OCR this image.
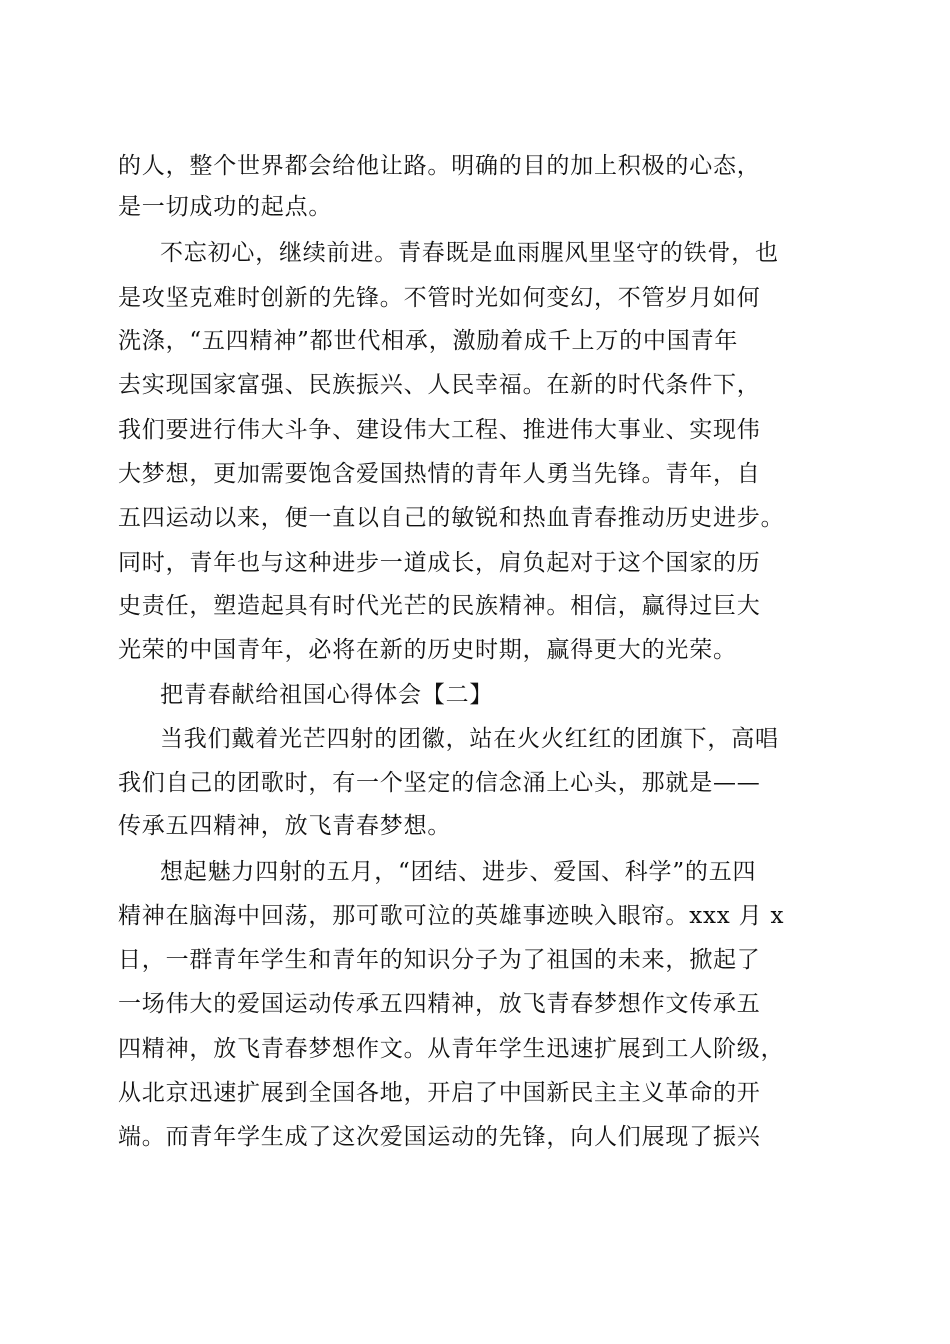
的人，整个世界都会给他让路。明确的目的加上积极的心态，
是一切成功的起点。
不忘初心，继续前进。青春既是血雨腥风里坚守的铁骨，也
是攻坚克难时创新的先锋。不管时光如何变幻，不管岁月如何
洗涤，“五四精神”都世代相承，激励着成千上万的中国青年
去实现国家富强、民族振兴、人民幸福。在新的时代条件下，
我们要进行伟大斗争、建设伟大工程、推进伟大事业、实现伟
大梦想，更加需要饱含爱国热情的青年人勇当先锋。青年，自
五四运动以来，便一直以自己的敏锐和热血青春推动历史进步。
同时，青年也与这种进步一道成长，肩负起对于这个国家的历
史责任，塑造起具有时代光芒的民族精神。相信，赢得过巨大
光荣的中国青年，必将在新的历史时期，赢得更大的光荣。
把青春献给祖国心得体会【二】
当我们戴着光芒四射的团徽，站在火火红红的团旗下，高唱
我们自己的团歌时，有一个坚定的信念涌上心头，那就是——
传承五四精神，放飞青春梦想。
想起魅力四射的五月，“团结、进步、爱国、科学”的五四
精神在脑海中回荡，那可歌可泣的英雄事迹映入眼帘。xxx 月 x
日，一群青年学生和青年的知识分子为了祖国的未来，掀起了
一场伟大的爱国运动传承五四精神，放飞青春梦想作文传承五
四精神，放飞青春梦想作文。从青年学生迅速扩展到工人阶级，
从北京迅速扩展到全国各地，开启了中国新民主主义革命的开
端。而青年学生成了这次爱国运动的先锋，向人们展现了振兴
